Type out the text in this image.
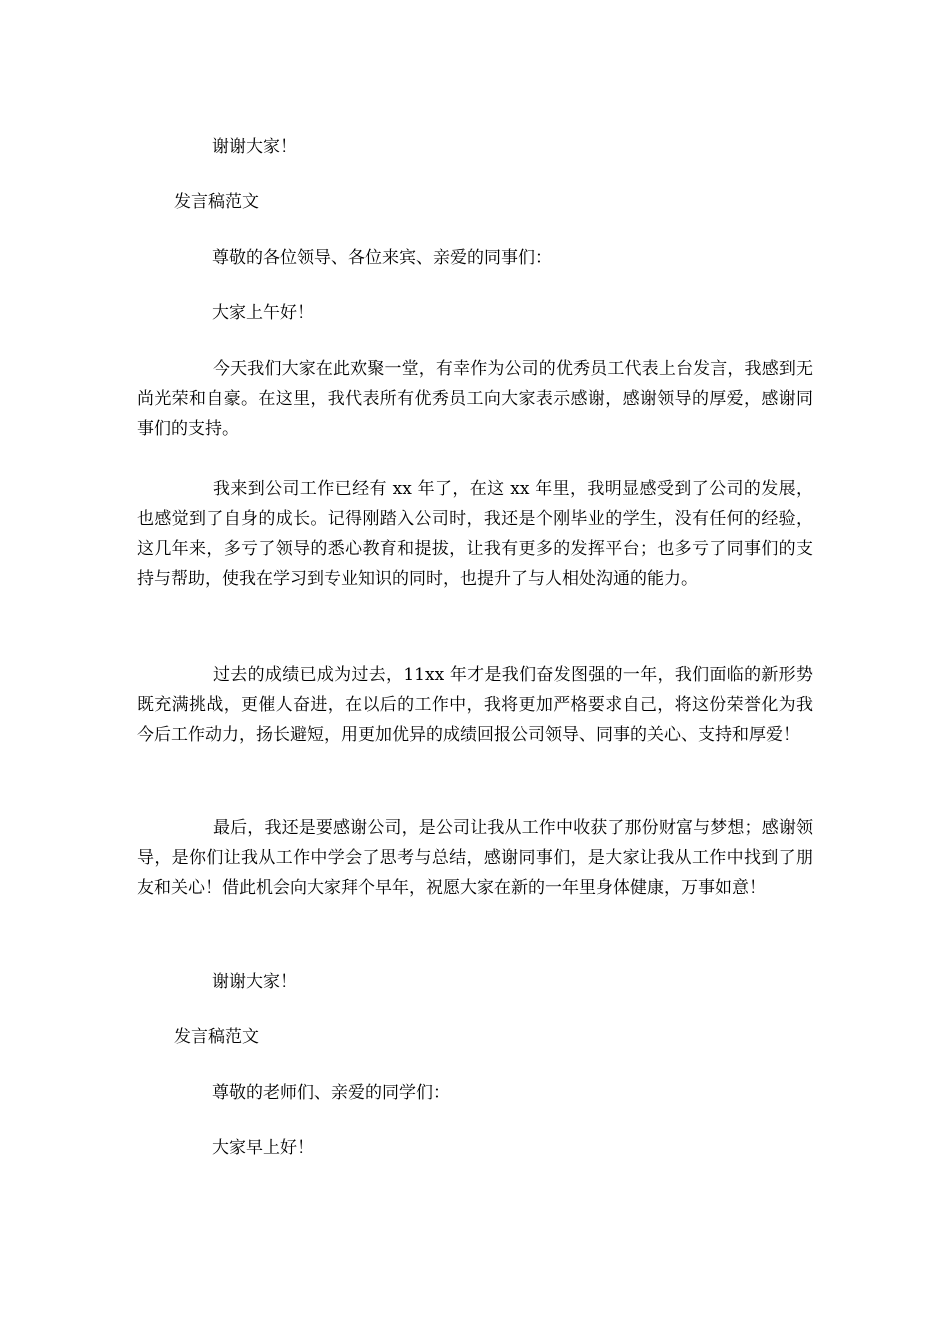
谢谢大家！

发言稿范文

尊敬的各位领导、各位来宾、亲爱的同事们：

大家上午好！

今天我们大家在此欢聚一堂，有幸作为公司的优秀员工代表上台发言，我感到无尚光荣和自豪。在这里，我代表所有优秀员工向大家表示感谢，感谢领导的厚爱，感谢同事们的支持。

我来到公司工作已经有 xx 年了，在这 xx 年里，我明显感受到了公司的发展，也感觉到了自身的成长。记得刚踏入公司时，我还是个刚毕业的学生，没有任何的经验，这几年来，多亏了领导的悉心教育和提拔，让我有更多的发挥平台；也多亏了同事们的支持与帮助，使我在学习到专业知识的同时，也提升了与人相处沟通的能力。

过去的成绩已成为过去，11xx 年才是我们奋发图强的一年，我们面临的新形势既充满挑战，更催人奋进，在以后的工作中，我将更加严格要求自己，将这份荣誉化为我今后工作动力，扬长避短，用更加优异的成绩回报公司领导、同事的关心、支持和厚爱！

最后，我还是要感谢公司，是公司让我从工作中收获了那份财富与梦想；感谢领导，是你们让我从工作中学会了思考与总结，感谢同事们，是大家让我从工作中找到了朋友和关心！借此机会向大家拜个早年，祝愿大家在新的一年里身体健康，万事如意！

谢谢大家！

发言稿范文

尊敬的老师们、亲爱的同学们：

大家早上好！
